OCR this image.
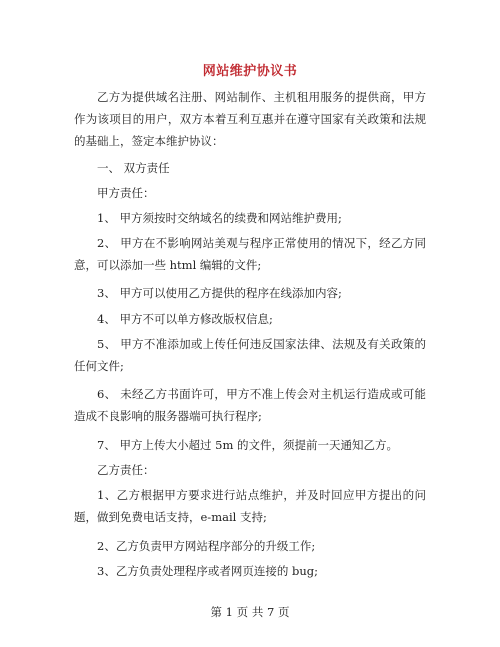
网站维护协议书

乙方为提供域名注册、网站制作、主机租用服务的提供商，甲方作为该项目的用户，双方本着互利互惠并在遵守国家有关政策和法规的基础上，签定本维护协议：

一、 双方责任

甲方责任：

1、 甲方须按时交纳域名的续费和网站维护费用;

2、 甲方在不影响网站美观与程序正常使用的情况下，经乙方同意，可以添加一些 html 编辑的文件;

3、 甲方可以使用乙方提供的程序在线添加内容;

4、 甲方不可以单方修改版权信息;

5、 甲方不准添加或上传任何违反国家法律、法规及有关政策的任何文件;

6、 未经乙方书面许可，甲方不准上传会对主机运行造成或可能造成不良影响的服务器端可执行程序;

7、 甲方上传大小超过 5m 的文件，须提前一天通知乙方。

乙方责任：

1、乙方根据甲方要求进行站点维护，并及时回应甲方提出的问题，做到免费电话支持，e-mail 支持;

2、乙方负责甲方网站程序部分的升级工作;

3、乙方负责处理程序或者网页连接的 bug;

第 1 页 共 7 页
